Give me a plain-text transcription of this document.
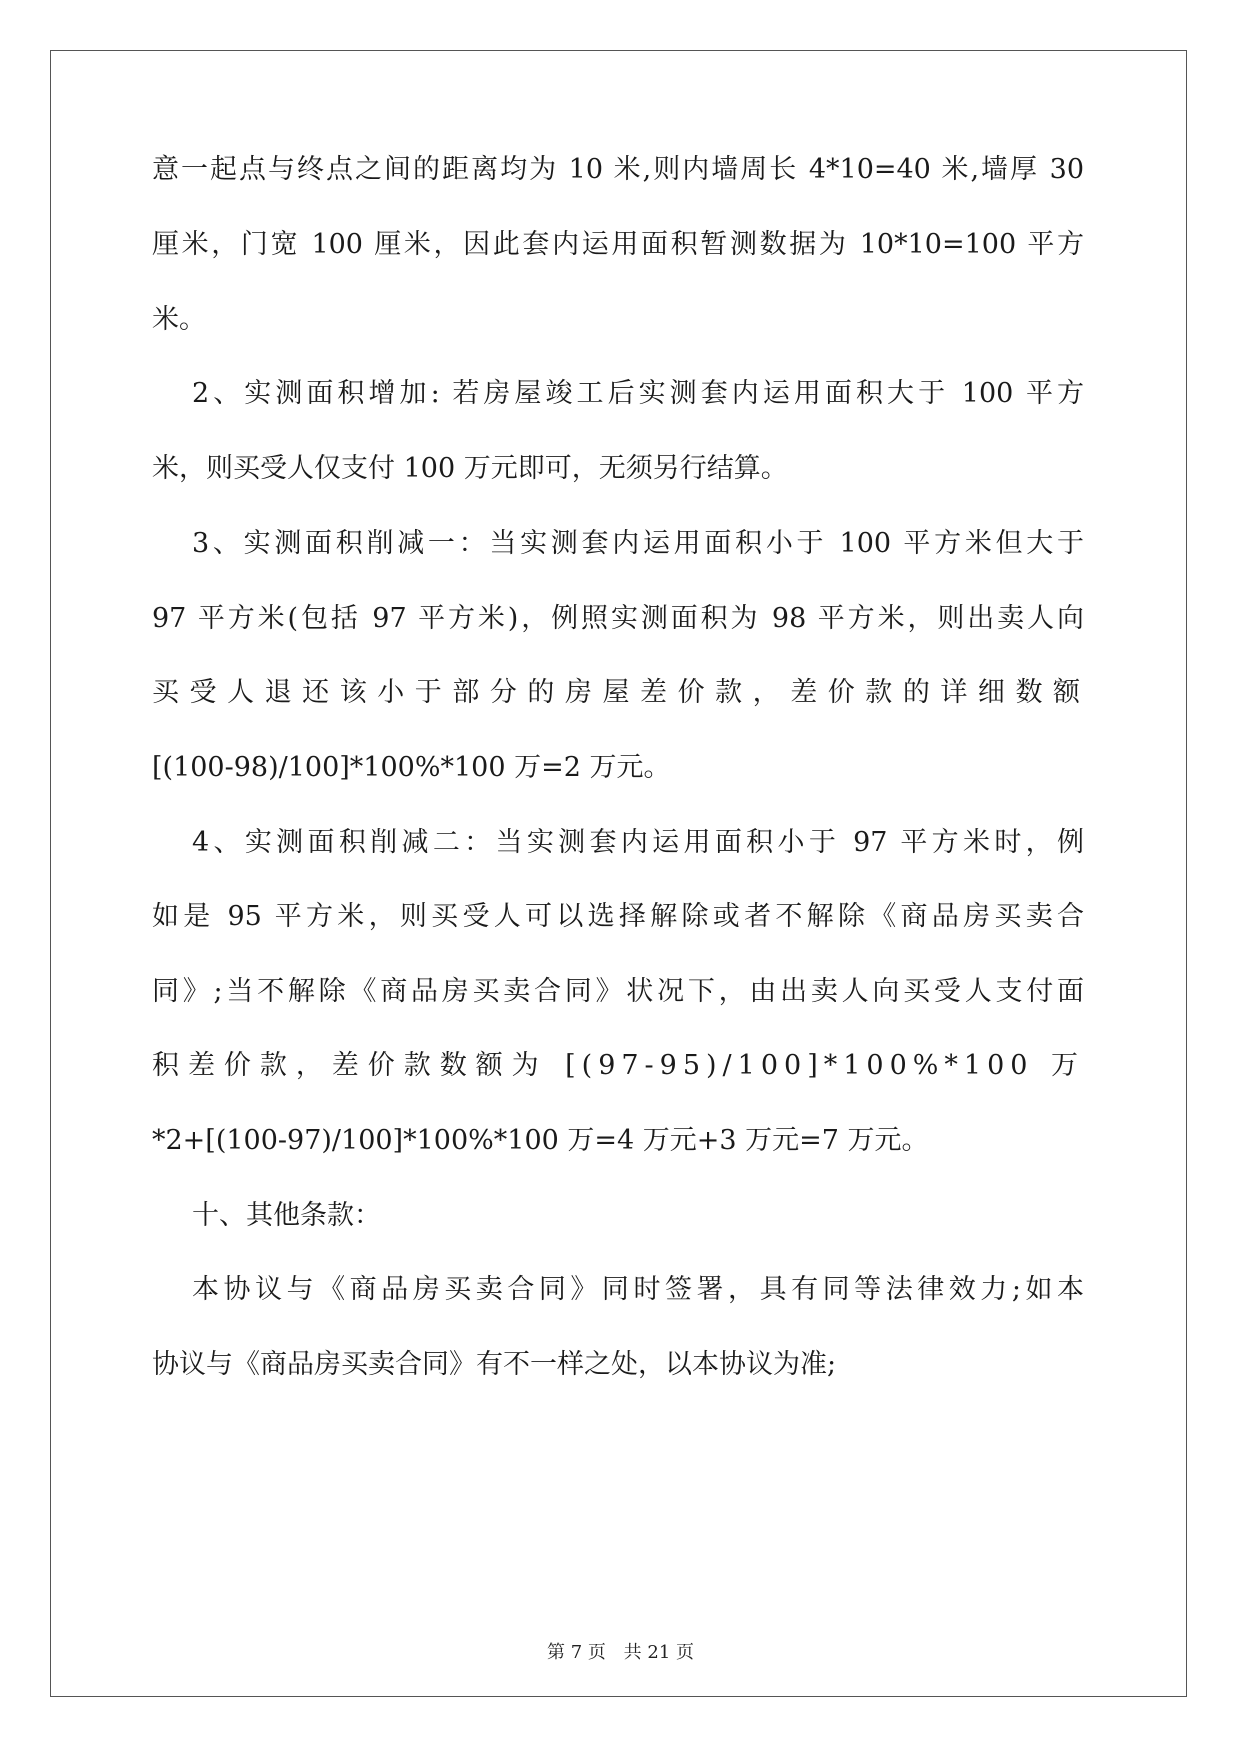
意一起点与终点之间的距离均为 10 米,则内墙周长 4*10=40 米,墙厚 30

厘米，门宽 100 厘米，因此套内运用面积暂测数据为 10*10=100 平方

米。

2、实测面积增加: 若房屋竣工后实测套内运用面积大于 100 平方

米，则买受人仅支付 100 万元即可，无须另行结算。

3、实测面积削减一：当实测套内运用面积小于 100 平方米但大于

97 平方米(包括 97 平方米)，例照实测面积为 98 平方米，则出卖人向

买受人退还该小于部分的房屋差价款，差价款的详细数额

[(100-98)/100]*100%*100 万=2 万元。

4、实测面积削减二：当实测套内运用面积小于 97 平方米时，例

如是 95 平方米，则买受人可以选择解除或者不解除《商品房买卖合

同》;当不解除《商品房买卖合同》状况下，由出卖人向买受人支付面

积差价款，差价款数额为 [(97-95)/100]*100%*100 万

*2+[(100-97)/100]*100%*100 万=4 万元+3 万元=7 万元。

十、其他条款：

本协议与《商品房买卖合同》同时签署，具有同等法律效力;如本

协议与《商品房买卖合同》有不一样之处，以本协议为准;

第 7 页 共 21 页
